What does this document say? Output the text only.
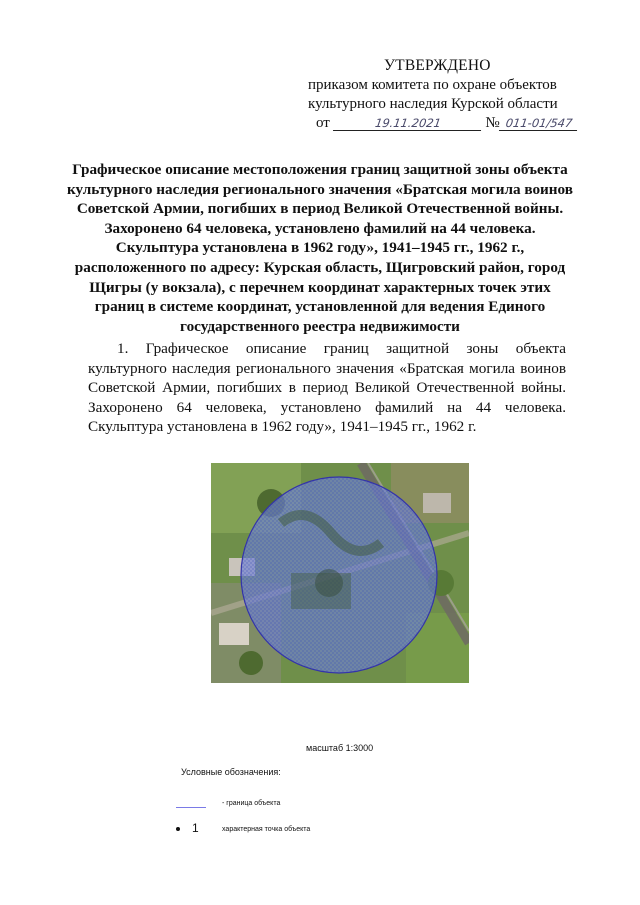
УТВЕРЖДЕНО
приказом комитета по охране объектов
культурного наследия Курской области
от	19.11.2021	№ 011-01/547
Графическое описание местоположения границ защитной зоны объекта культурного наследия регионального значения «Братская могила воинов Советской Армии, погибших в период Великой Отечественной войны. Захоронено 64 человека, установлено фамилий на 44 человека. Скульптура установлена в 1962 году», 1941–1945 гг., 1962 г., расположенного по адресу: Курская область, Щигровский район, город Щигры (у вокзала), с перечнем координат характерных точек этих границ в системе координат, установленной для ведения Единого государственного реестра недвижимости
1. Графическое описание границ защитной зоны объекта культурного наследия регионального значения «Братская могила воинов Советской Армии, погибших в период Великой Отечественной войны. Захоронено 64 человека, установлено фамилий на 44 человека. Скульптура установлена в 1962 году», 1941–1945 гг., 1962 г.
масштаб 1:3000
Условные обозначения:
- граница объекта
1	характерная точка объекта
